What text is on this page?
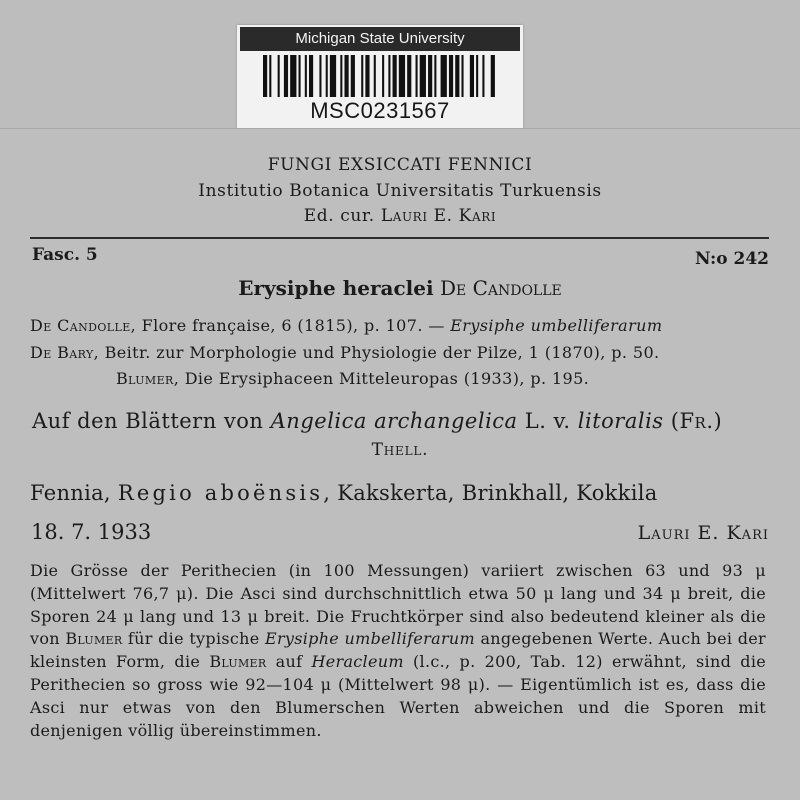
Michigan State University
MSC0231567
FUNGI EXSICCATI FENNICI
Institutio Botanica Universitatis Turkuensis
Ed. cur. Lauri E. Kari
Fasc. 5	N:o 242
Erysiphe heraclei De Candolle
De Candolle, Flore française, 6 (1815), p. 107. — Erysiphe umbelliferarum
De Bary, Beitr. zur Morphologie und Physiologie der Pilze, 1 (1870), p. 50.
Blumer, Die Erysiphaceen Mitteleuropas (1933), p. 195.
Auf den Blättern von Angelica archangelica L. v. litoralis (Fr.)
Thell.
Fennia, Regio aboënsis, Kakskerta, Brinkhall, Kokkila
18. 7. 1933	Lauri E. Kari
Die Grösse der Perithecien (in 100 Messungen) variiert zwischen 63 und 93 μ (Mittelwert 76,7 μ). Die Asci sind durchschnittlich etwa 50 μ lang und 34 μ breit, die Sporen 24 μ lang und 13 μ breit. Die Fruchtkörper sind also bedeutend kleiner als die von Blumer für die typische Erysiphe umbelliferarum angegebenen Werte. Auch bei der kleinsten Form, die Blumer auf Heracleum (l.c., p. 200, Tab. 12) erwähnt, sind die Perithecien so gross wie 92—104 μ (Mittelwert 98 μ). — Eigentümlich ist es, dass die Asci nur etwas von den Blumerschen Werten abweichen und die Sporen mit denjenigen völlig übereinstimmen.
